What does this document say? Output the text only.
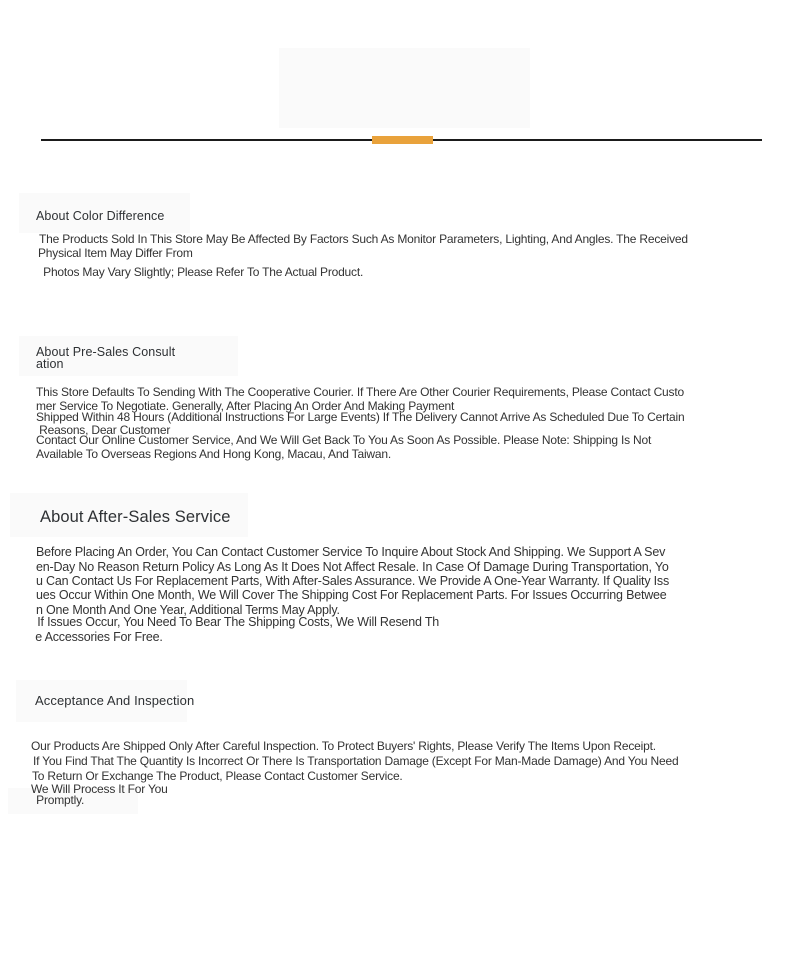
About Color Difference
The Products Sold In This Store May Be Affected By Factors Such As Monitor Parameters, Lighting, And Angles. The Received
Physical Item May Differ From
Photos May Vary Slightly; Please Refer To The Actual Product.
About Pre-Sales Consult
ation
This Store Defaults To Sending With The Cooperative Courier. If There Are Other Courier Requirements, Please Contact Custo
mer Service To Negotiate. Generally, After Placing An Order And Making Payment
Shipped Within 48 Hours (Additional Instructions For Large Events) If The Delivery Cannot Arrive As Scheduled Due To Certain
Reasons, Dear Customer
Contact Our Online Customer Service, And We Will Get Back To You As Soon As Possible. Please Note: Shipping Is Not
Available To Overseas Regions And Hong Kong, Macau, And Taiwan.
About After-Sales Service
Before Placing An Order, You Can Contact Customer Service To Inquire About Stock And Shipping. We Support A Sev
en-Day No Reason Return Policy As Long As It Does Not Affect Resale. In Case Of Damage During Transportation, Yo
u Can Contact Us For Replacement Parts, With After-Sales Assurance. We Provide A One-Year Warranty. If Quality Iss
ues Occur Within One Month, We Will Cover The Shipping Cost For Replacement Parts. For Issues Occurring Betwee
n One Month And One Year, Additional Terms May Apply.
If Issues Occur, You Need To Bear The Shipping Costs, We Will Resend Th
e Accessories For Free.
Acceptance And Inspection
Our Products Are Shipped Only After Careful Inspection. To Protect Buyers' Rights, Please Verify The Items Upon Receipt.
If You Find That The Quantity Is Incorrect Or There Is Transportation Damage (Except For Man-Made Damage) And You Need
To Return Or Exchange The Product, Please Contact Customer Service.
We Will Process It For You
Promptly.
